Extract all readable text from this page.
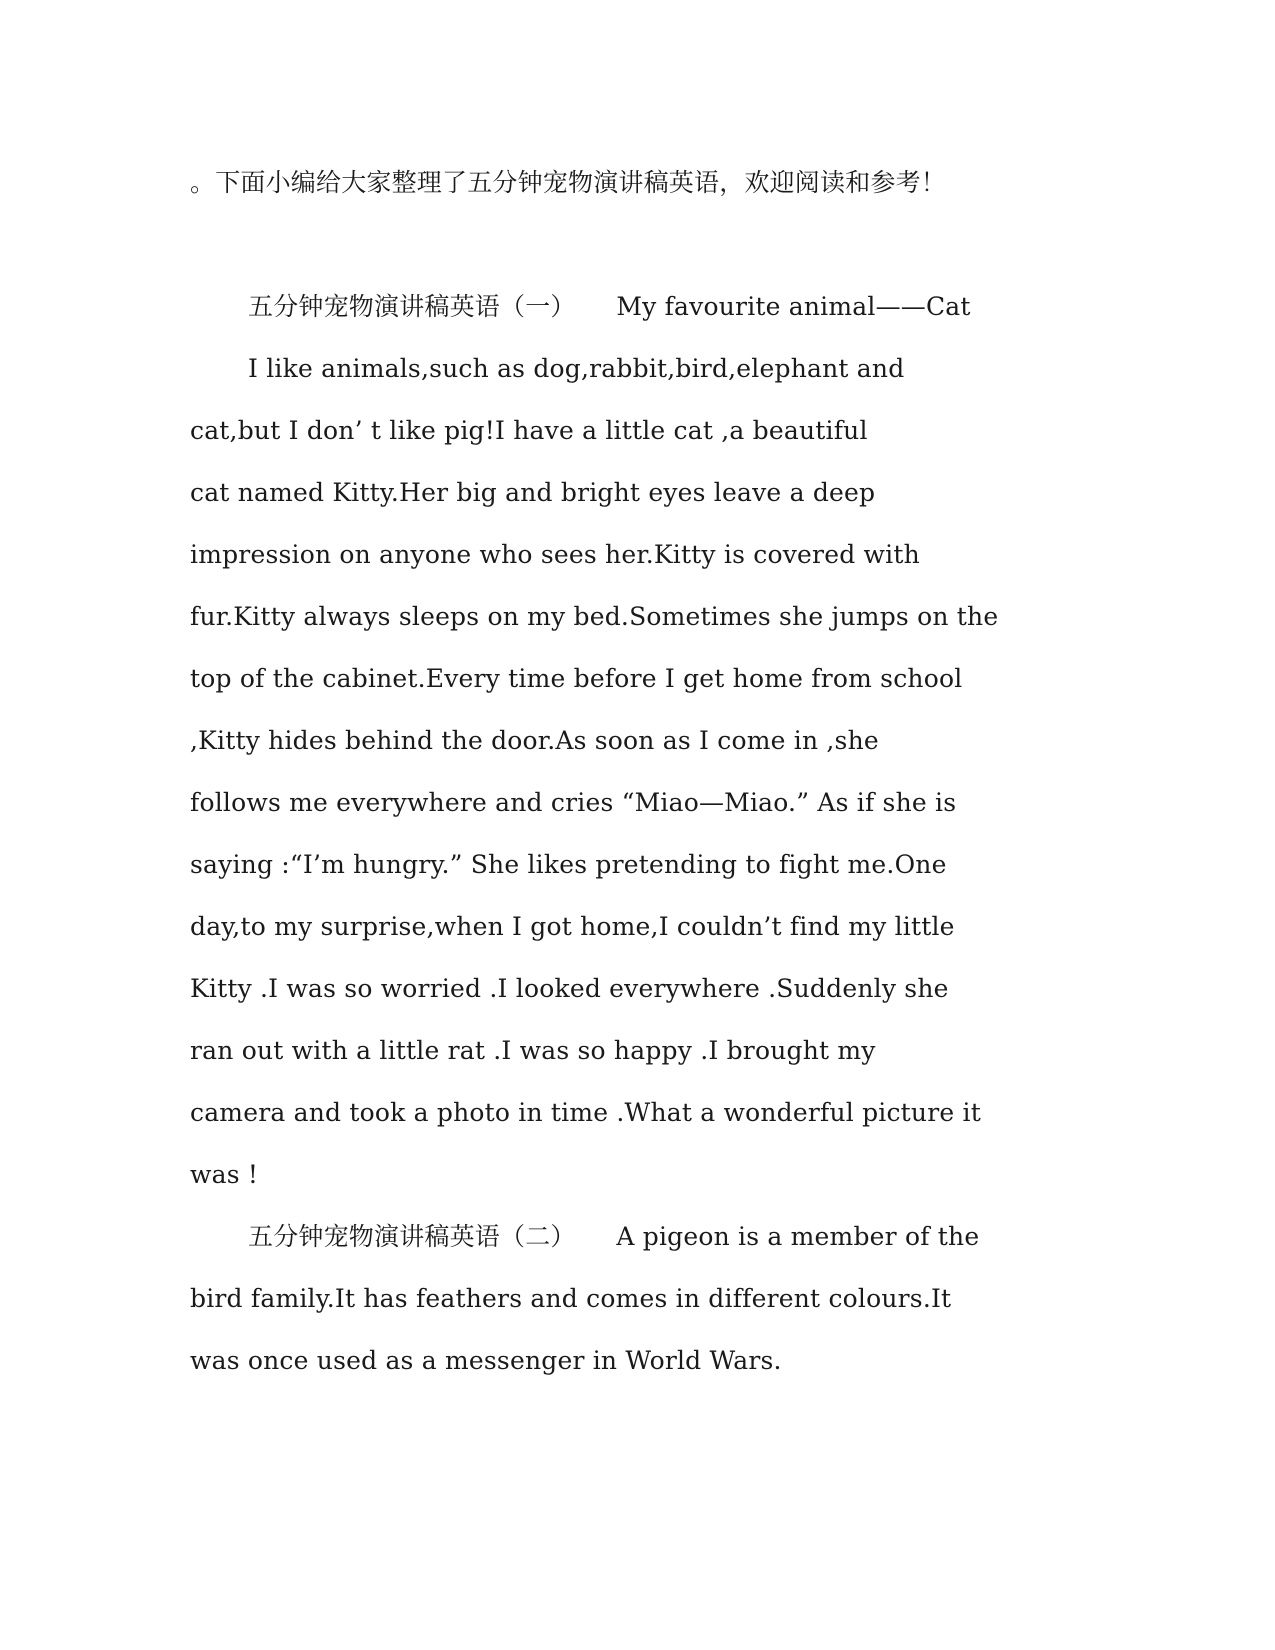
。下面小编给大家整理了五分钟宠物演讲稿英语，欢迎阅读和参考！
五分钟宠物演讲稿英语（一）     My favourite animal——Cat
I like animals,such as dog,rabbit,bird,elephant and
cat,but I don’ t like pig!I have a little cat ,a beautiful
cat named Kitty.Her big and bright eyes leave a deep
impression on anyone who sees her.Kitty is covered with
fur.Kitty always sleeps on my bed.Sometimes she jumps on the
top of the cabinet.Every time before I get home from school
,Kitty hides behind the door.As soon as I come in ,she
follows me everywhere and cries “Miao—Miao.” As if she is
saying :“I’m hungry.” She likes pretending to fight me.One
day,to my surprise,when I got home,I couldn’t find my little
Kitty .I was so worried .I looked everywhere .Suddenly she
ran out with a little rat .I was so happy .I brought my
camera and took a photo in time .What a wonderful picture it
was !
五分钟宠物演讲稿英语（二）     A pigeon is a member of the
bird family.It has feathers and comes in different colours.It
was once used as a messenger in World Wars.
